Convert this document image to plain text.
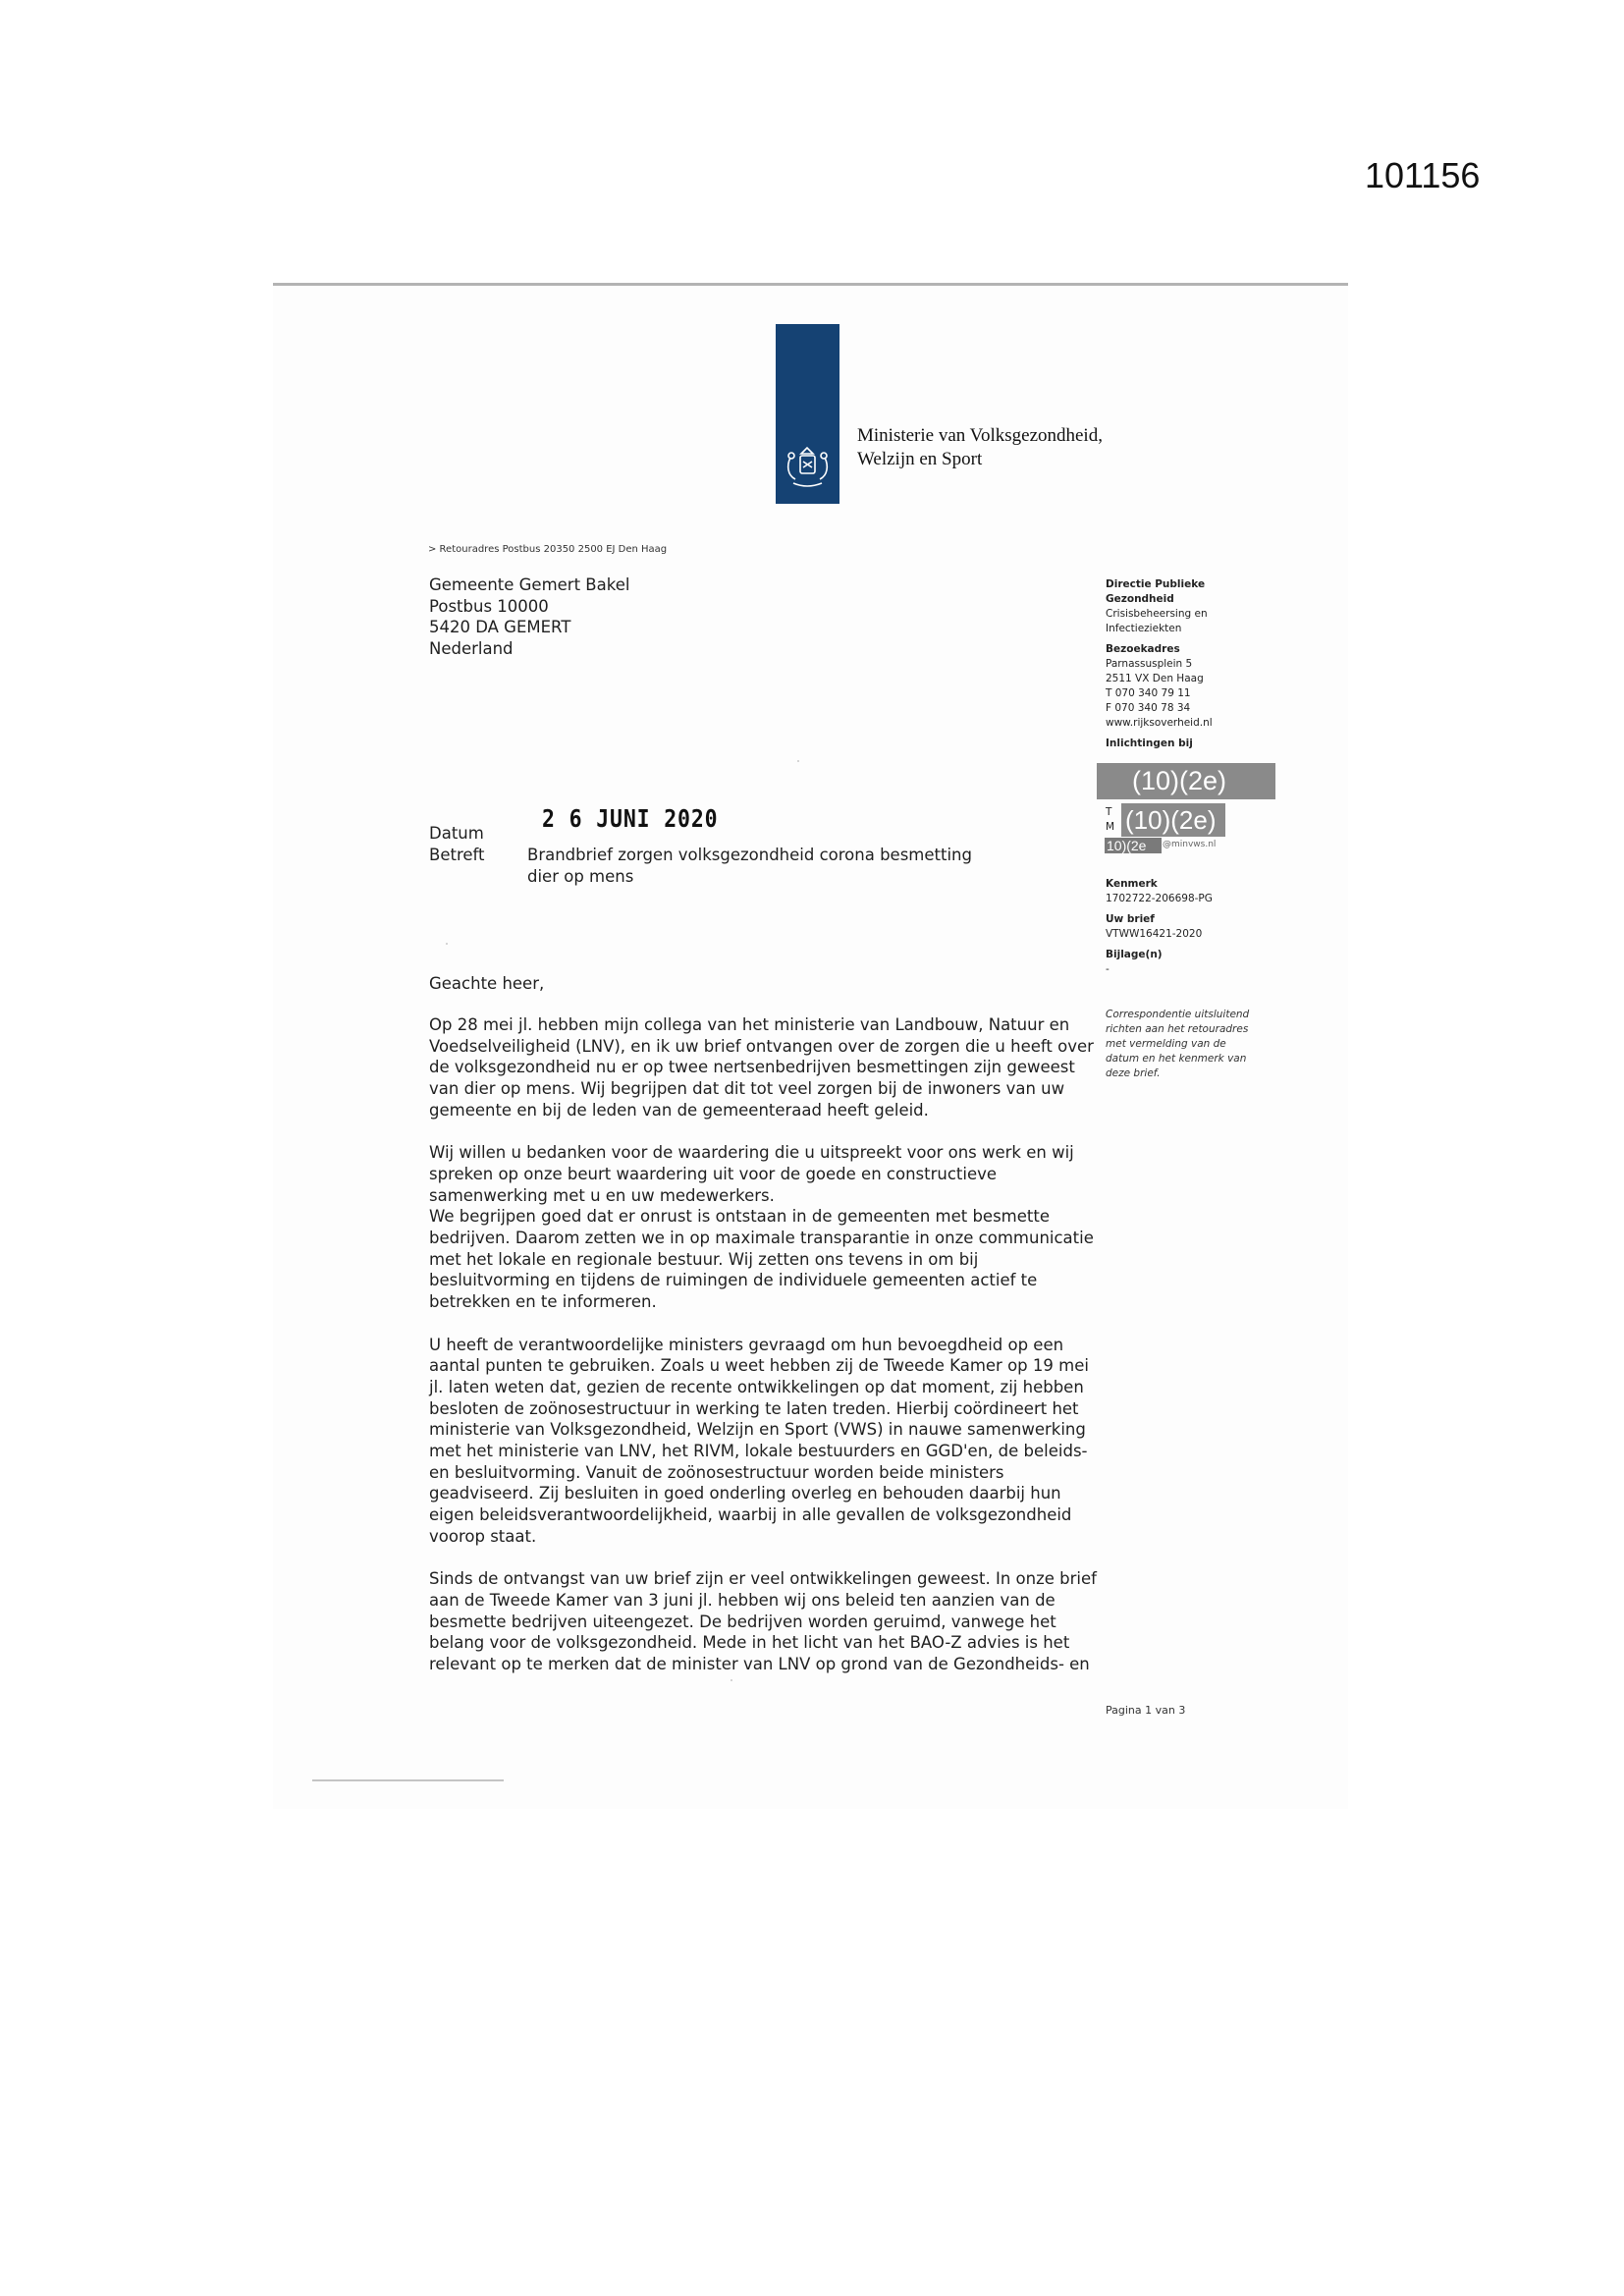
101156
Ministerie van Volksgezondheid,
Welzijn en Sport
> Retouradres Postbus 20350 2500 EJ Den Haag
Gemeente Gemert Bakel
Postbus 10000
5420 DA GEMERT
Nederland
Directie Publieke
Gezondheid
Crisisbeheersing en
Infectieziekten
Bezoekadres
Parnassusplein 5
2511 VX Den Haag
T 070 340 79 11
F 070 340 78 34
www.rijksoverheid.nl
Inlichtingen bij
(10)(2e)
T
M (10)(2e)
10)(2e	@minvws.nl
Kenmerk
1702722-206698-PG
Uw brief
VTWW16421-2020
Bijlage(n)
-
2 6 JUNI 2020
Datum
Betreft	Brandbrief zorgen volksgezondheid corona besmetting
dier op mens
Geachte heer,
Op 28 mei jl. hebben mijn collega van het ministerie van Landbouw, Natuur en
Voedselveiligheid (LNV), en ik uw brief ontvangen over de zorgen die u heeft over
de volksgezondheid nu er op twee nertsenbedrijven besmettingen zijn geweest
van dier op mens. Wij begrijpen dat dit tot veel zorgen bij de inwoners van uw
gemeente en bij de leden van de gemeenteraad heeft geleid.
Wij willen u bedanken voor de waardering die u uitspreekt voor ons werk en wij
spreken op onze beurt waardering uit voor de goede en constructieve
samenwerking met u en uw medewerkers.
We begrijpen goed dat er onrust is ontstaan in de gemeenten met besmette
bedrijven. Daarom zetten we in op maximale transparantie in onze communicatie
met het lokale en regionale bestuur. Wij zetten ons tevens in om bij
besluitvorming en tijdens de ruimingen de individuele gemeenten actief te
betrekken en te informeren.
U heeft de verantwoordelijke ministers gevraagd om hun bevoegdheid op een
aantal punten te gebruiken. Zoals u weet hebben zij de Tweede Kamer op 19 mei
jl. laten weten dat, gezien de recente ontwikkelingen op dat moment, zij hebben
besloten de zoönosestructuur in werking te laten treden. Hierbij coördineert het
ministerie van Volksgezondheid, Welzijn en Sport (VWS) in nauwe samenwerking
met het ministerie van LNV, het RIVM, lokale bestuurders en GGD'en, de beleids-
en besluitvorming. Vanuit de zoönosestructuur worden beide ministers
geadviseerd. Zij besluiten in goed onderling overleg en behouden daarbij hun
eigen beleidsverantwoordelijkheid, waarbij in alle gevallen de volksgezondheid
voorop staat.
Sinds de ontvangst van uw brief zijn er veel ontwikkelingen geweest. In onze brief
aan de Tweede Kamer van 3 juni jl. hebben wij ons beleid ten aanzien van de
besmette bedrijven uiteengezet. De bedrijven worden geruimd, vanwege het
belang voor de volksgezondheid. Mede in het licht van het BAO-Z advies is het
relevant op te merken dat de minister van LNV op grond van de Gezondheids- en
Correspondentie uitsluitend
richten aan het retouradres
met vermelding van de
datum en het kenmerk van
deze brief.
Pagina 1 van 3
